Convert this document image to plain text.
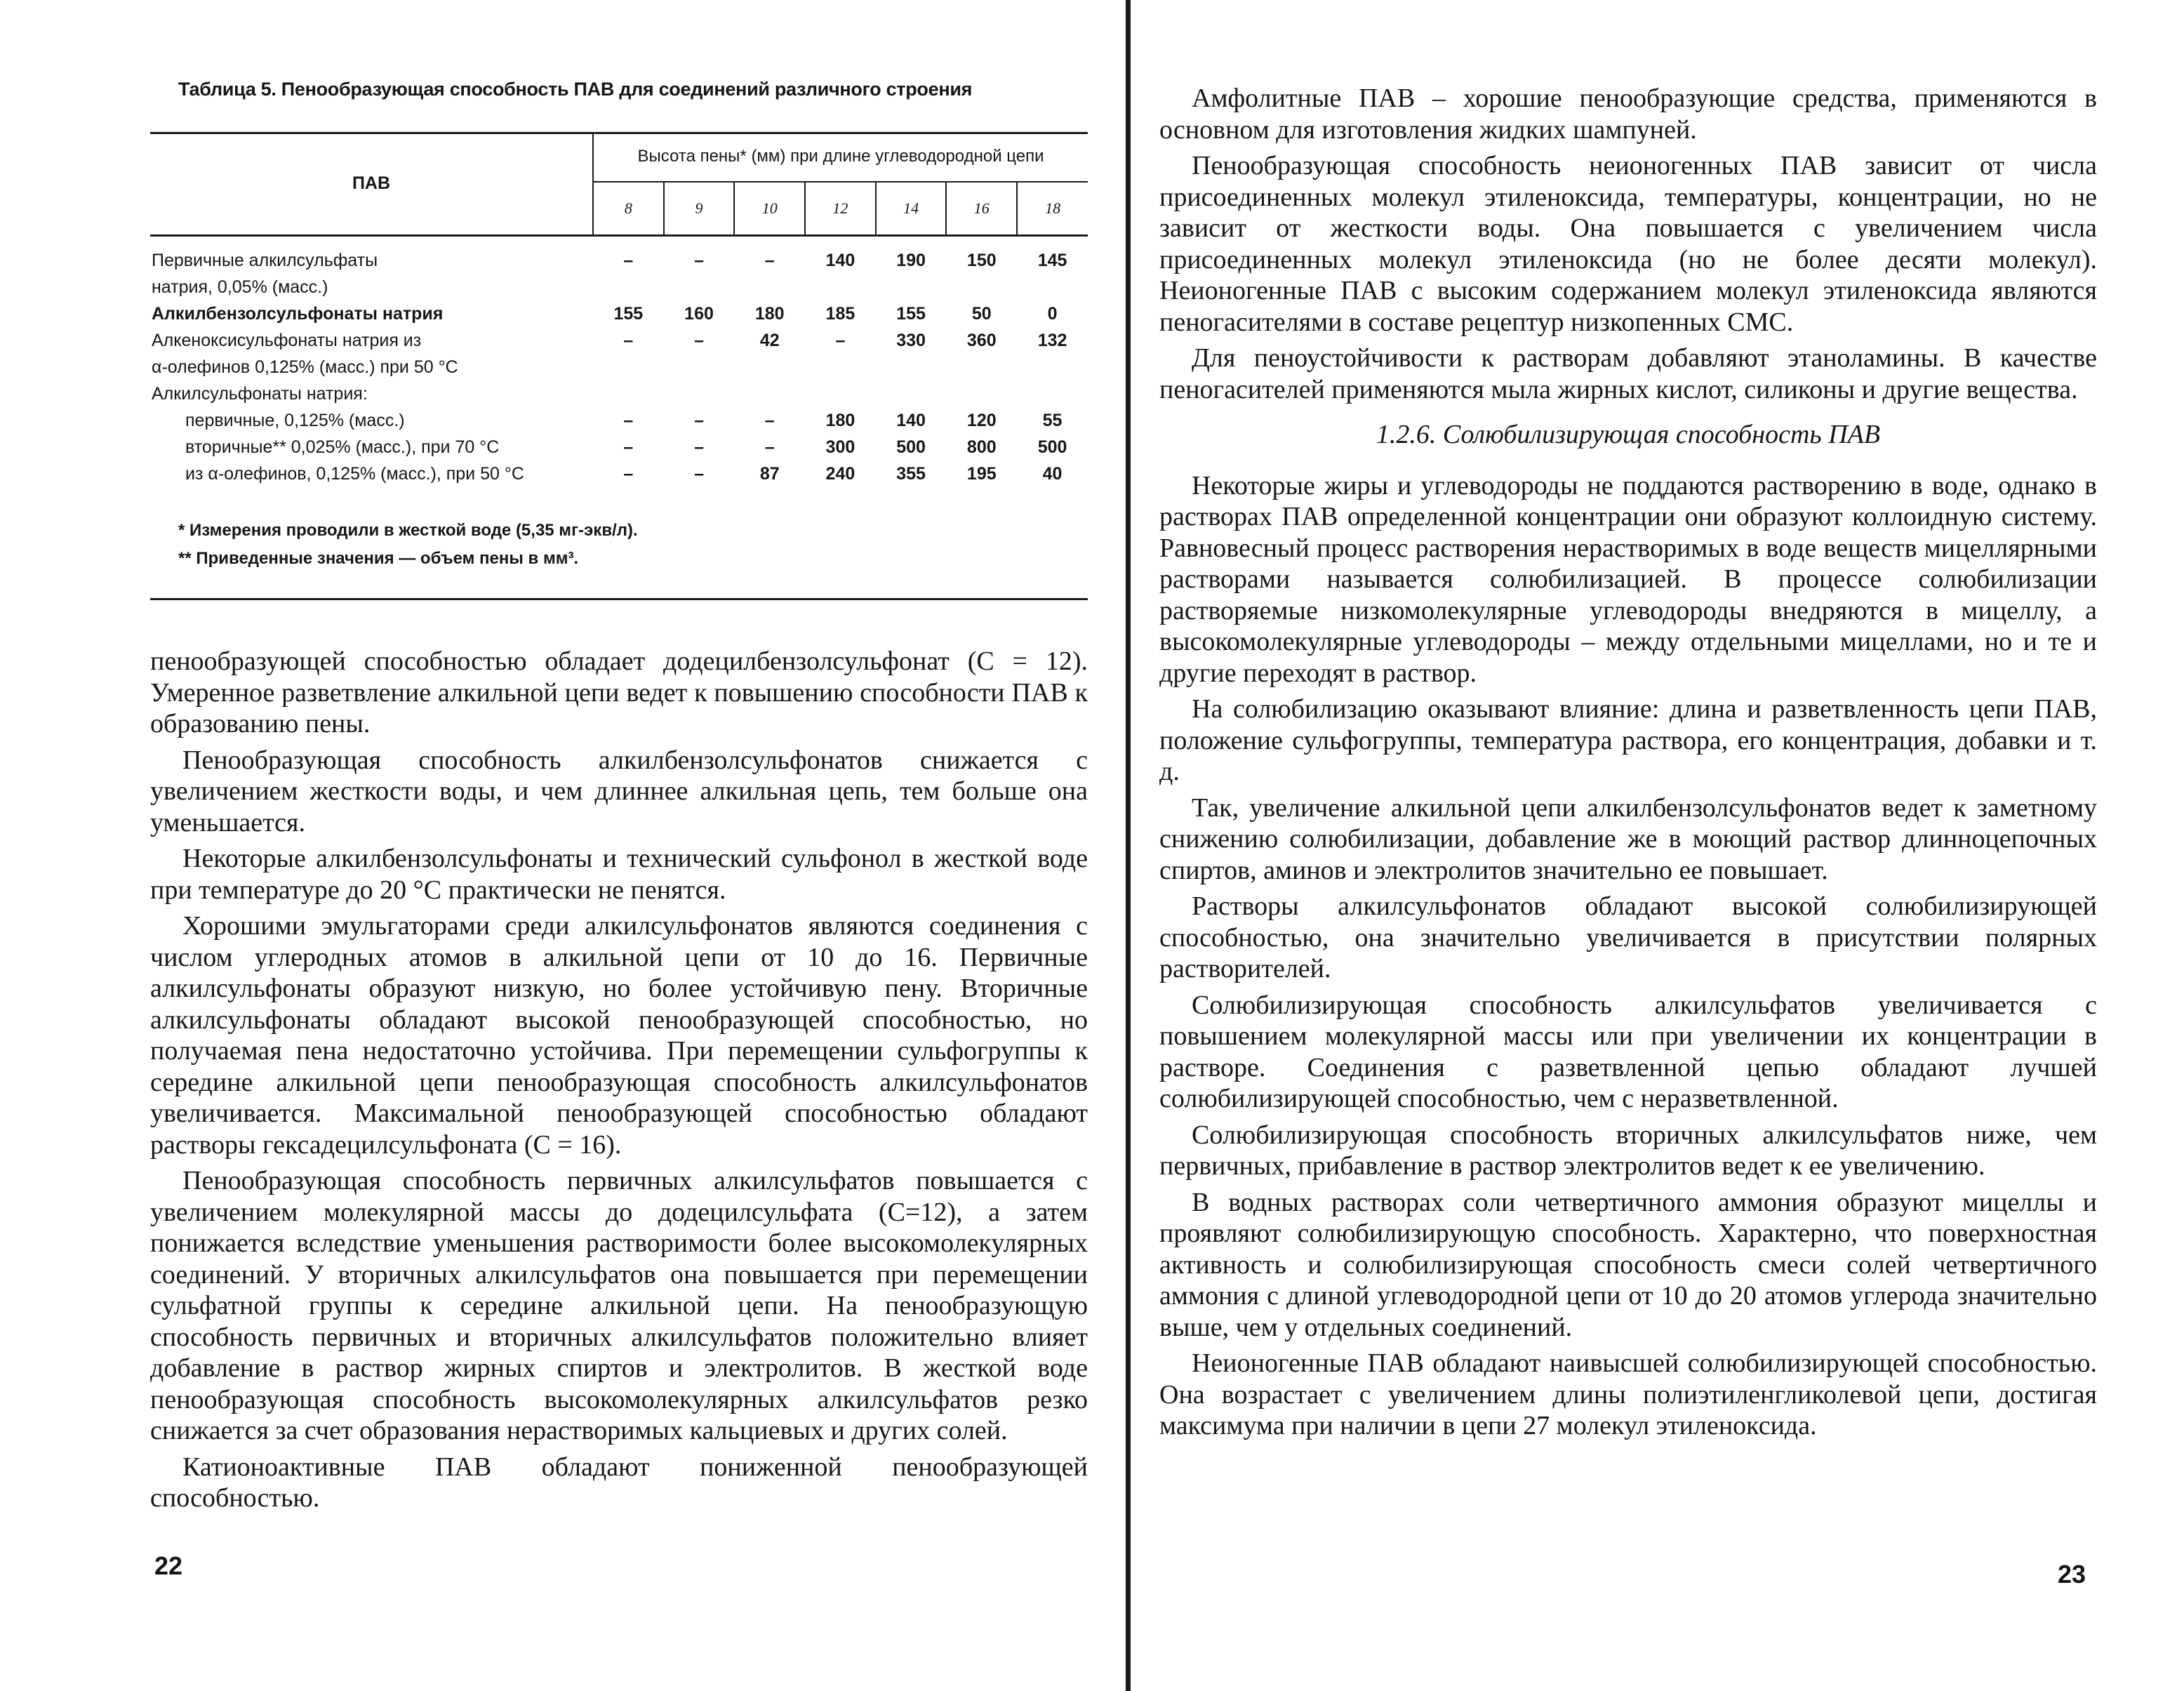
Таблица 5. Пенообразующая способность ПАВ для соединений различного строения
ПАВ	Высота пены* (мм) при длине углеводородной цепи						
	8	9	10	12	14	16	18

Первичные алкилсульфаты	–	–	–	140	190	150	145
натрия, 0,05% (масс.)							
Алкилбензолсульфонаты натрия	155	160	180	185	155	50	0
Алкеноксисульфонаты натрия из	–	–	42	–	330	360	132
α-олефинов 0,125% (масс.) при 50 °С							
Алкилсульфонаты натрия:							
первичные, 0,125% (масс.)	–	–	–	180	140	120	55
вторичные** 0,025% (масс.), при 70 °С	–	–	–	300	500	800	500
из α-олефинов, 0,125% (масс.), при 50 °С	–	–	87	240	355	195	40
* Измерения проводили в жесткой воде (5,35 мг-экв/л).
** Приведенные значения — объем пены в мм³.

пенообразующей способностью обладает додецилбензолсульфонат (С = 12). Умеренное разветвление алкильной цепи ведет к повышению способности ПАВ к образованию пены.

Пенообразующая способность алкилбензолсульфонатов снижается с увеличением жесткости воды, и чем длиннее алкильная цепь, тем больше она уменьшается.

Некоторые алкилбензолсульфонаты и технический сульфонол в жесткой воде при температуре до 20 °С практически не пенятся.

Хорошими эмульгаторами среди алкилсульфонатов являются соединения с числом углеродных атомов в алкильной цепи от 10 до 16. Первичные алкилсульфонаты образуют низкую, но более устойчивую пену. Вторичные алкилсульфонаты обладают высокой пенообразующей способностью, но получаемая пена недостаточно устойчива. При перемещении сульфогруппы к середине алкильной цепи пенообразующая способность алкилсульфонатов увеличивается. Максимальной пенообразующей способностью обладают растворы гексадецилсульфоната (С = 16).

Пенообразующая способность первичных алкилсульфатов повышается с увеличением молекулярной массы до додецилсульфата (С=12), а затем понижается вследствие уменьшения растворимости более высокомолекулярных соединений. У вторичных алкилсульфатов она повышается при перемещении сульфатной группы к середине алкильной цепи. На пенообразующую способность первичных и вторичных алкилсульфатов положительно влияет добавление в раствор жирных спиртов и электролитов. В жесткой воде пенообразующая способность высокомолекулярных алкилсульфатов резко снижается за счет образования нерастворимых кальциевых и других солей.

Катионоактивные ПАВ обладают пониженной пенообразующей способностью.

22

Амфолитные ПАВ – хорошие пенообразующие средства, применяются в основном для изготовления жидких шампуней.

Пенообразующая способность неионогенных ПАВ зависит от числа присоединенных молекул этиленоксида, температуры, концентрации, но не зависит от жесткости воды. Она повышается с увеличением числа присоединенных молекул этиленоксида (но не более десяти молекул). Неионогенные ПАВ с высоким содержанием молекул этиленоксида являются пеногасителями в составе рецептур низкопенных СМС.

Для пеноустойчивости к растворам добавляют этаноламины. В качестве пеногасителей применяются мыла жирных кислот, силиконы и другие вещества.

1.2.6. Солюбилизирующая способность ПАВ

Некоторые жиры и углеводороды не поддаются растворению в воде, однако в растворах ПАВ определенной концентрации они образуют коллоидную систему. Равновесный процесс растворения нерастворимых в воде веществ мицеллярными растворами называется солюбилизацией. В процессе солюбилизации растворяемые низкомолекулярные углеводороды внедряются в мицеллу, а высокомолекулярные углеводороды – между отдельными мицеллами, но и те и другие переходят в раствор.

На солюбилизацию оказывают влияние: длина и разветвленность цепи ПАВ, положение сульфогруппы, температура раствора, его концентрация, добавки и т. д.

Так, увеличение алкильной цепи алкилбензолсульфонатов ведет к заметному снижению солюбилизации, добавление же в моющий раствор длинноцепочных спиртов, аминов и электролитов значительно ее повышает.

Растворы алкилсульфонатов обладают высокой солюбилизирующей способностью, она значительно увеличивается в присутствии полярных растворителей.

Солюбилизирующая способность алкилсульфатов увеличивается с повышением молекулярной массы или при увеличении их концентрации в растворе. Соединения с разветвленной цепью обладают лучшей солюбилизирующей способностью, чем с неразветвленной.

Солюбилизирующая способность вторичных алкилсульфатов ниже, чем первичных, прибавление в раствор электролитов ведет к ее увеличению.

В водных растворах соли четвертичного аммония образуют мицеллы и проявляют солюбилизирующую способность. Характерно, что поверхностная активность и солюбилизирующая способность смеси солей четвертичного аммония с длиной углеводородной цепи от 10 до 20 атомов углерода значительно выше, чем у отдельных соединений.

Неионогенные ПАВ обладают наивысшей солюбилизирующей способностью. Она возрастает с увеличением длины полиэтиленгликолевой цепи, достигая максимума при наличии в цепи 27 молекул этиленоксида.

23
